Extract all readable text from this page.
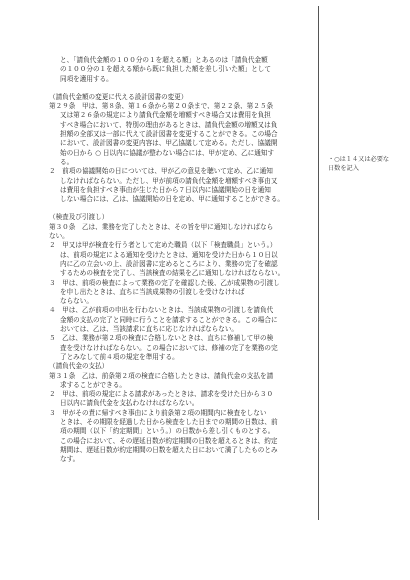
と、「請負代金額の１００分の１を超える額」とあるのは「請負代金額

の１００分の１を超える額から既に負担した額を差し引いた額」として

同項を適用する。

（請負代金額の変更に代える設計図書の変更）

第２９条　甲は、第８条、第１６条から第２０条まで、第２２条、第２５条

又は第２６条の規定により請負代金額を増額すべき場合又は費用を負担

すべき場合において、特別の理由があるときは、請負代金額の増額又は負

担額の全部又は一部に代えて設計図書を変更することができる。この場合

において、設計図書の変更内容は、甲乙協議して定める。ただし、協議開

始の日から ○ 日以内に協議が整わない場合には、甲が定め、乙に通知す

る。

２　前項の協議開始の日については、甲が乙の意見を聴いて定め、乙に通知

しなければならない。ただし、甲が前項の請負代金額を増額すべき事由又

は費用を負担すべき事由が生じた日から７日以内に協議開始の日を通知

しない場合には、乙は、協議開始の日を定め、甲に通知することができる。

（検査及び引渡し）

第３０条　乙は、業務を完了したときは、その旨を甲に通知しなければなら
ない。

２　甲又は甲が検査を行う者として定めた職員（以下「検査職員」という。）

は、前項の規定による通知を受けたときは、通知を受けた日から１０日以

内に乙の立会いの上、設計図書に定めるところにより、業務の完了を確認

するための検査を完了し、当該検査の結果を乙に通知しなければならない。

３　甲は、前項の検査によって業務の完了を確認した後、乙が成果物の引渡し

を申し出たときは、直ちに当該成果物の引渡しを受けなければ

ならない。

４　甲は、乙が前項の申出を行わないときは、当該成果物の引渡しを請負代

金額の支払の完了と同時に行うことを請求することができる。この場合に

おいては、乙は、当該請求に直ちに応じなければならない。

５　乙は、業務が第２項の検査に合格しないときは、直ちに修補して甲の検

査を受けなければならない。この場合においては、修補の完了を業務の完

了とみなして前４項の規定を準用する。

（請負代金の支払）

第３１条　乙は、前条第２項の検査に合格したときは、請負代金の支払を請

求することができる。

２　甲は、前項の規定による請求があったときは、請求を受けた日から３０

日以内に請負代金を支払わなければならない。

３　甲がその責に帰すべき事由により前条第２項の期間内に検査をしない

ときは、その期限を経過した日から検査をした日までの期間の日数は、前

項の期間（以下「約定期間」という。）の日数から差し引くものとする。

この場合において、その遅延日数が約定期間の日数を超えるときは、約定

期間は、遅延日数が約定期間の日数を超えた日において満了したものとみ

なす。

・○は１４又は必要な日数を記入
